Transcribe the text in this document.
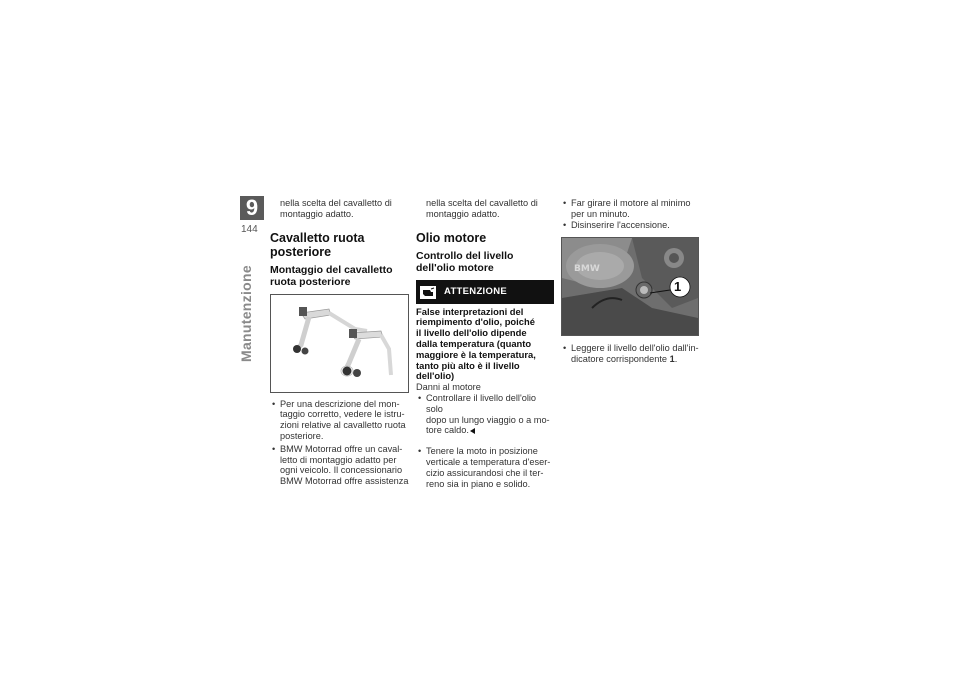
9
144
Manutenzione

nella scelta del cavalletto di

montaggio adatto.

Cavalletto ruota

posteriore

Montaggio del cavalletto

ruota posteriore

• Per una descrizione del mon-

taggio corretto, vedere le istru-

zioni relative al cavalletto ruota

posteriore.

• BMW Motorrad offre un caval-

letto di montaggio adatto per

ogni veicolo. Il concessionario

BMW Motorrad offre assistenza

nella scelta del cavalletto di

montaggio adatto.

Olio motore

Controllo del livello

dell'olio motore

ATTENZIONE

False interpretazioni del

riempimento d'olio, poiché

il livello dell'olio dipende

dalla temperatura (quanto

maggiore è la temperatura,

tanto più alto è il livello

dell'olio)

Danni al motore

• Controllare il livello dell'olio solo

dopo un lungo viaggio o a mo-

tore caldo.

• Tenere la moto in posizione

verticale a temperatura d'eser-

cizio assicurandosi che il ter-

reno sia in piano e solido.

• Far girare il motore al minimo

per un minuto.

• Disinserire l'accensione.

BMW
1

• Leggere il livello dell'olio dall'in-

dicatore corrispondente 1.
